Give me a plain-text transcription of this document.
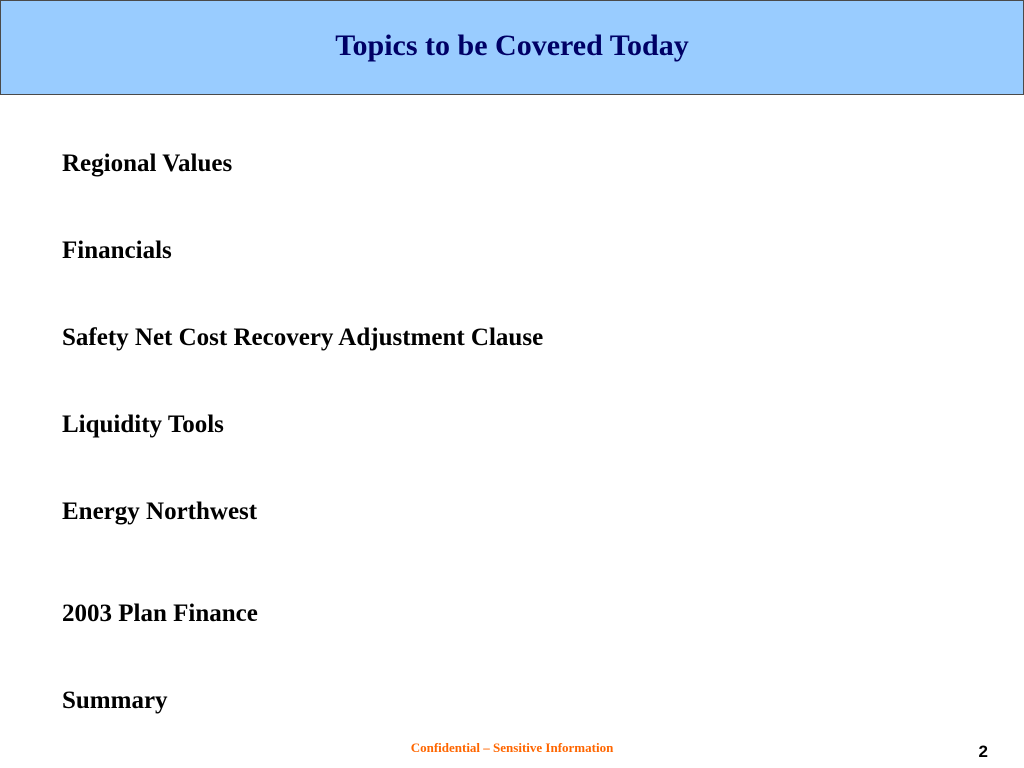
Topics to be Covered Today
Regional Values
Financials
Safety Net Cost Recovery Adjustment Clause
Liquidity Tools
Energy Northwest
2003 Plan Finance
Summary
Confidential – Sensitive Information	2
